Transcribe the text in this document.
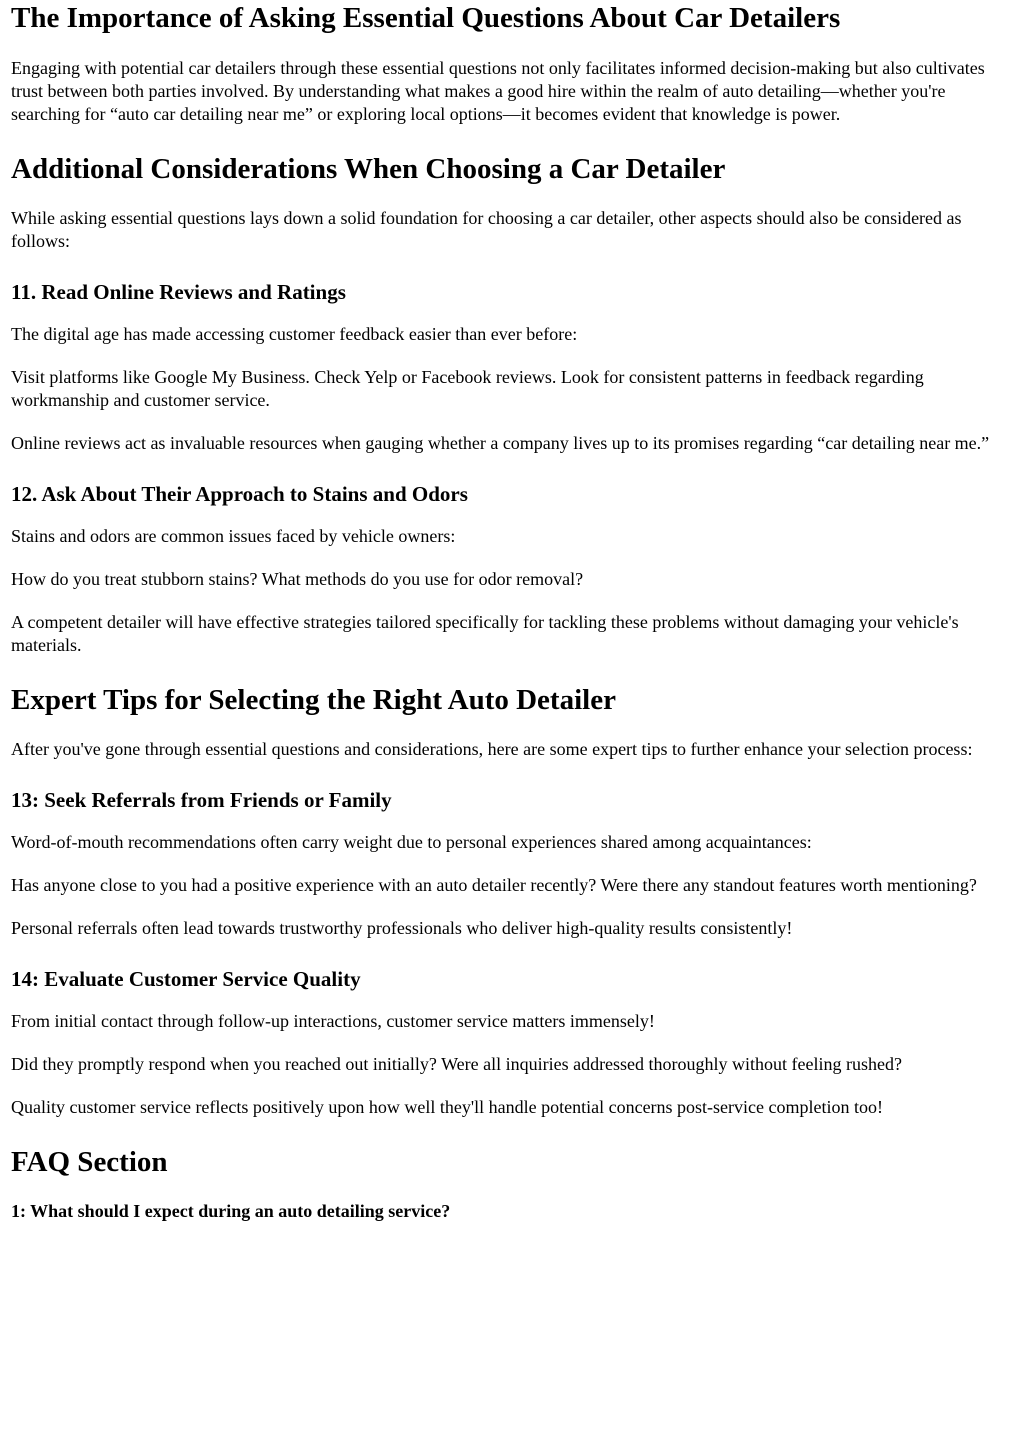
The Importance of Asking Essential Questions About Car Detailers

Engaging with potential car detailers through these essential questions not only facilitates informed decision-making but also cultivates trust between both parties involved. By understanding what makes a good hire within the realm of auto detailing—whether you're searching for “auto car detailing near me” or exploring local options—it becomes evident that knowledge is power.

Additional Considerations When Choosing a Car Detailer

While asking essential questions lays down a solid foundation for choosing a car detailer, other aspects should also be considered as follows:

11. Read Online Reviews and Ratings

The digital age has made accessing customer feedback easier than ever before:

Visit platforms like Google My Business. Check Yelp or Facebook reviews. Look for consistent patterns in feedback regarding workmanship and customer service.

Online reviews act as invaluable resources when gauging whether a company lives up to its promises regarding “car detailing near me.”

12. Ask About Their Approach to Stains and Odors

Stains and odors are common issues faced by vehicle owners:

How do you treat stubborn stains? What methods do you use for odor removal?

A competent detailer will have effective strategies tailored specifically for tackling these problems without damaging your vehicle's materials.

Expert Tips for Selecting the Right Auto Detailer

After you've gone through essential questions and considerations, here are some expert tips to further enhance your selection process:

13: Seek Referrals from Friends or Family

Word-of-mouth recommendations often carry weight due to personal experiences shared among acquaintances:

Has anyone close to you had a positive experience with an auto detailer recently? Were there any standout features worth mentioning?

Personal referrals often lead towards trustworthy professionals who deliver high-quality results consistently!

14: Evaluate Customer Service Quality

From initial contact through follow-up interactions, customer service matters immensely!

Did they promptly respond when you reached out initially? Were all inquiries addressed thoroughly without feeling rushed?

Quality customer service reflects positively upon how well they'll handle potential concerns post-service completion too!

FAQ Section
1: What should I expect during an auto detailing service?
